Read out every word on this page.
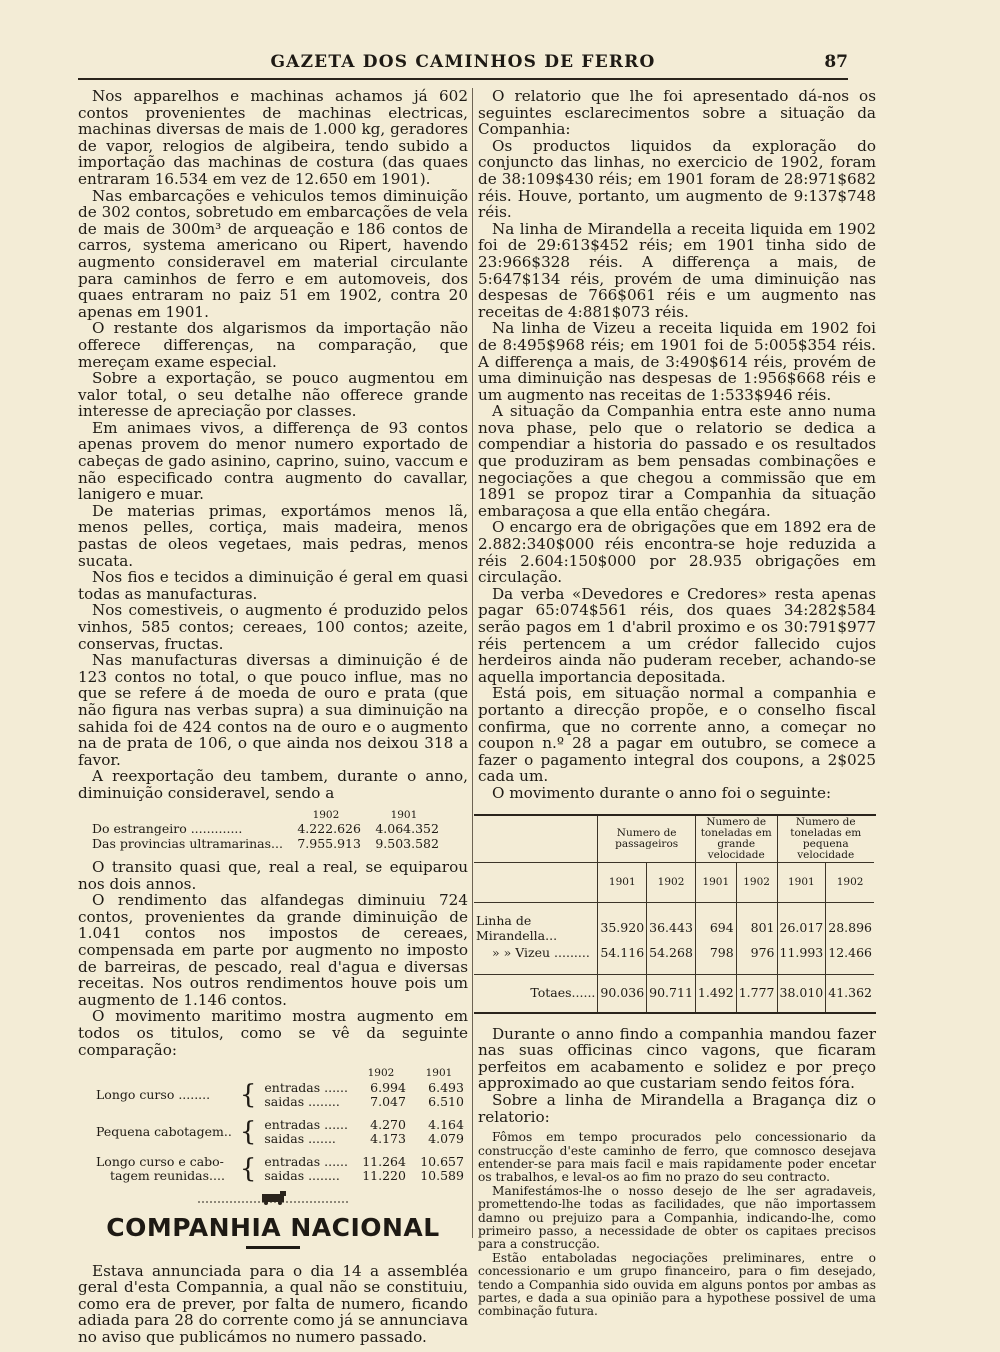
GAZETA DOS CAMINHOS DE FERRO	87

Nos apparelhos e machinas achamos já 602 contos provenientes de machinas electricas, machinas diversas de mais de 1.000 kg, geradores de vapor, relogios de algibeira, tendo subido a importação das machinas de costura (das quaes entraram 16.534 em vez de 12.650 em 1901).

Nas embarcações e vehiculos temos diminuição de 302 contos, sobretudo em embarcações de vela de mais de 300m³ de arqueação e 186 contos de carros, systema americano ou Ripert, havendo augmento consideravel em material circulante para caminhos de ferro e em automoveis, dos quaes entraram no paiz 51 em 1902, contra 20 apenas em 1901.

O restante dos algarismos da importação não offerece differenças, na comparação, que mereçam exame especial.

Sobre a exportação, se pouco augmentou em valor total, o seu detalhe não offerece grande interesse de apreciação por classes.

Em animaes vivos, a differença de 93 contos apenas provem do menor numero exportado de cabeças de gado asinino, caprino, suino, vaccum e não especificado contra augmento do cavallar, lanigero e muar.

De materias primas, exportámos menos lã, menos pelles, cortiça, mais madeira, menos pastas de oleos vegetaes, mais pedras, menos sucata.

Nos fios e tecidos a diminuição é geral em quasi todas as manufacturas.

Nos comestiveis, o augmento é produzido pelos vinhos, 585 contos; cereaes, 100 contos; azeite, conservas, fructas.

Nas manufacturas diversas a diminuição é de 123 contos no total, o que pouco influe, mas no que se refere á de moeda de ouro e prata (que não figura nas verbas supra) a sua diminuição na sahida foi de 424 contos na de ouro e o augmento na de prata de 106, o que ainda nos deixou 318 a favor.

A reexportação deu tambem, durante o anno, diminuição consideravel, sendo a

	1902	1901
Do estrangeiro .............	4.222.626	4.064.352
Das provincias ultramarinas...	7.955.913	9.503.582

O transito quasi que, real a real, se equiparou nos dois annos.

O rendimento das alfandegas diminuiu 724 contos, provenientes da grande diminuição de 1.041 contos nos impostos de cereaes, compensada em parte por augmento no imposto de barreiras, de pescado, real d'agua e diversas receitas. Nos outros rendimentos houve pois um augmento de 1.146 contos.

O movimento maritimo mostra augmento em todos os titulos, como se vê da seguinte comparação:

			1902	1901
Longo curso ........	{	entradas ......	6.994	6.493
		saidas ........	7.047	6.510

Pequena cabotagem..	{	entradas ......	4.270	4.164
		saidas .......	4.173	4.079

Longo curso e cabo-	{	entradas ......	11.264	10.657
tagem reunidas....		saidas ........	11.220	10.589
COMPANHIA NACIONAL

Estava annunciada para o dia 14 a assembléa geral d'esta Compannia, a qual não se constituiu, como era de prever, por falta de numero, ficando adiada para 28 do corrente como já se annunciava no aviso que publicámos no numero passado.

O relatorio que lhe foi apresentado dá-nos os seguintes esclarecimentos sobre a situação da Companhia:

Os productos liquidos da exploração do conjuncto das linhas, no exercicio de 1902, foram de 38:109$430 réis; em 1901 foram de 28:971$682 réis. Houve, portanto, um augmento de 9:137$748 réis.

Na linha de Mirandella a receita liquida em 1902 foi de 29:613$452 réis; em 1901 tinha sido de 23:966$328 réis. A differença a mais, de 5:647$134 réis, provém de uma diminuição nas despesas de 766$061 réis e um augmento nas receitas de 4:881$073 réis.

Na linha de Vizeu a receita liquida em 1902 foi de 8:495$968 réis; em 1901 foi de 5:005$354 réis. A differença a mais, de 3:490$614 réis, provém de uma diminuição nas despesas de 1:956$668 réis e um augmento nas receitas de 1:533$946 réis.

A situação da Companhia entra este anno numa nova phase, pelo que o relatorio se dedica a compendiar a historia do passado e os resultados que produziram as bem pensadas combinações e negociações a que chegou a commissão que em 1891 se propoz tirar a Companhia da situação embaraçosa a que ella então chegára.

O encargo era de obrigações que em 1892 era de 2.882:340$000 réis encontra-se hoje reduzida a réis 2.604:150$000 por 28.935 obrigações em circulação.

Da verba «Devedores e Credores» resta apenas pagar 65:074$561 réis, dos quaes 34:282$584 serão pagos em 1 d'abril proximo e os 30:791$977 réis pertencem a um crédor fallecido cujos herdeiros ainda não puderam receber, achando-se aquella importancia depositada.

Está pois, em situação normal a companhia e portanto a direcção propõe, e o conselho fiscal confirma, que no corrente anno, a começar no coupon n.º 28 a pagar em outubro, se comece a fazer o pagamento integral dos coupons, a 2$025 cada um.

O movimento durante o anno foi o seguinte:

	Numero de passageiros		Numero de toneladas em grande velocidade		Numero de toneladas em pequena velocidade	
	1901	1902	1901	1902	1901	1902
Linha de Mirandella...	35.920	36.443	694	801	26.017	28.896
» » Vizeu .........	54.116	54.268	798	976	11.993	12.466
Totaes......	90.036	90.711	1.492	1.777	38.010	41.362

Durante o anno findo a companhia mandou fazer nas suas officinas cinco vagons, que ficaram perfeitos em acabamento e solidez e por preço approximado ao que custariam sendo feitos fóra.

Sobre a linha de Mirandella a Bragança diz o relatorio:

Fômos em tempo procurados pelo concessionario da construcção d'este caminho de ferro, que comnosco desejava entender-se para mais facil e mais rapidamente poder encetar os trabalhos, e leval-os ao fim no prazo do seu contracto.

Manifestámos-lhe o nosso desejo de lhe ser agradaveis, promettendo-lhe todas as facilidades, que não importassem damno ou prejuizo para a Companhia, indicando-lhe, como primeiro passo, a necessidade de obter os capitaes precisos para a construcção.

Estão entaboladas negociações preliminares, entre o concessionario e um grupo financeiro, para o fim desejado, tendo a Companhia sido ouvida em alguns pontos por ambas as partes, e dada a sua opinião para a hypothese possivel de uma combinação futura.
